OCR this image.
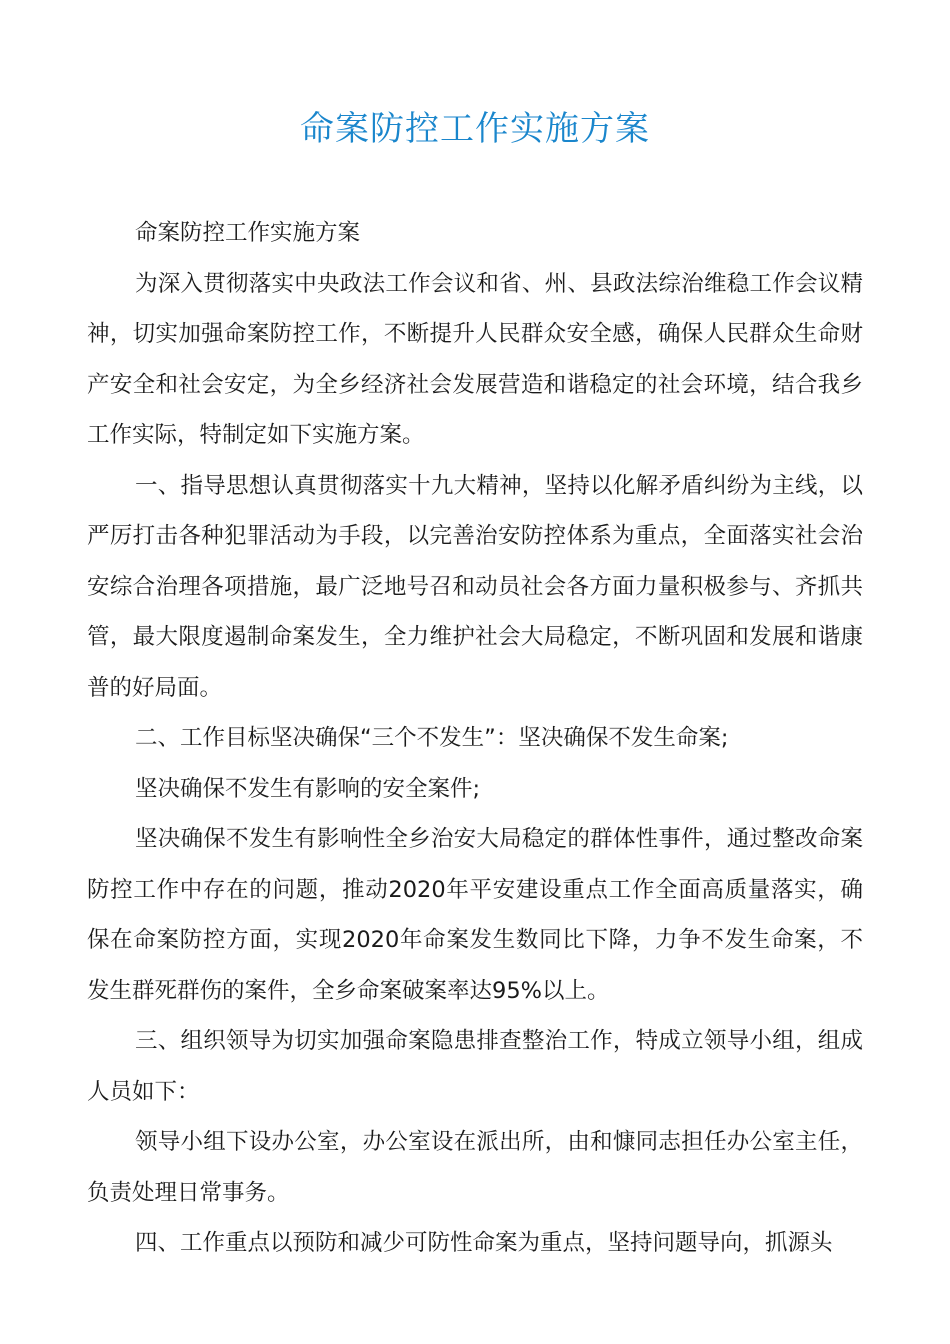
命案防控工作实施方案

命案防控工作实施方案

为深入贯彻落实中央政法工作会议和省、州、县政法综治维稳工作会议精神，切实加强命案防控工作，不断提升人民群众安全感，确保人民群众生命财产安全和社会安定，为全乡经济社会发展营造和谐稳定的社会环境，结合我乡工作实际，特制定如下实施方案。

一、指导思想认真贯彻落实十九大精神，坚持以化解矛盾纠纷为主线，以严厉打击各种犯罪活动为手段，以完善治安防控体系为重点，全面落实社会治安综合治理各项措施，最广泛地号召和动员社会各方面力量积极参与、齐抓共管，最大限度遏制命案发生，全力维护社会大局稳定，不断巩固和发展和谐康普的好局面。

二、工作目标坚决确保“三个不发生”：坚决确保不发生命案;

坚决确保不发生有影响的安全案件;

坚决确保不发生有影响性全乡治安大局稳定的群体性事件，通过整改命案防控工作中存在的问题，推动2020年平安建设重点工作全面高质量落实，确保在命案防控方面，实现2020年命案发生数同比下降，力争不发生命案，不发生群死群伤的案件，全乡命案破案率达95%以上。

三、组织领导为切实加强命案隐患排查整治工作，特成立领导小组，组成人员如下：

领导小组下设办公室，办公室设在派出所，由和慷同志担任办公室主任，负责处理日常事务。

四、工作重点以预防和减少可防性命案为重点，坚持问题导向，抓源头
